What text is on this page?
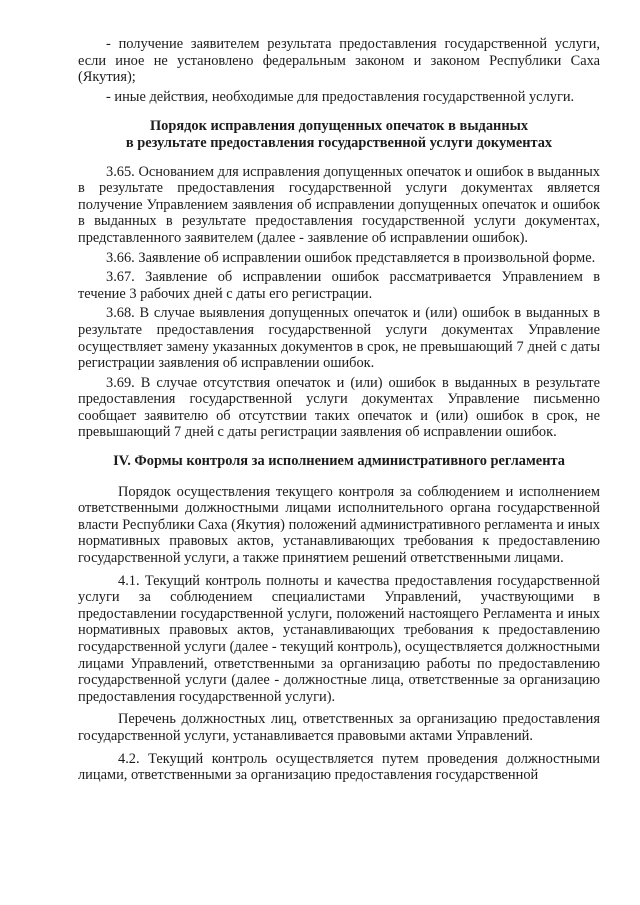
- получение заявителем результата предоставления государственной услуги, если иное не установлено федеральным законом и законом Республики Саха (Якутия);

- иные действия, необходимые для предоставления государственной услуги.

Порядок исправления допущенных опечаток в выданных
в результате предоставления государственной услуги документах

3.65. Основанием для исправления допущенных опечаток и ошибок в выданных в результате предоставления государственной услуги документах является получение Управлением заявления об исправлении допущенных опечаток и ошибок в выданных в результате предоставления государственной услуги документах, представленного заявителем (далее - заявление об исправлении ошибок).

3.66. Заявление об исправлении ошибок представляется в произвольной форме.

3.67. Заявление об исправлении ошибок рассматривается Управлением в течение 3 рабочих дней с даты его регистрации.

3.68. В случае выявления допущенных опечаток и (или) ошибок в выданных в результате предоставления государственной услуги документах Управление осуществляет замену указанных документов в срок, не превышающий 7 дней с даты регистрации заявления об исправлении ошибок.

3.69. В случае отсутствия опечаток и (или) ошибок в выданных в результате предоставления государственной услуги документах Управление письменно сообщает заявителю об отсутствии таких опечаток и (или) ошибок в срок, не превышающий 7 дней с даты регистрации заявления об исправлении ошибок.

IV. Формы контроля за исполнением административного регламента

Порядок осуществления текущего контроля за соблюдением и исполнением ответственными должностными лицами исполнительного органа государственной власти Республики Саха (Якутия) положений административного регламента и иных нормативных правовых актов, устанавливающих требования к предоставлению государственной услуги, а также принятием решений ответственными лицами.

4.1. Текущий контроль полноты и качества предоставления государственной услуги за соблюдением специалистами Управлений, участвующими в предоставлении государственной услуги, положений настоящего Регламента и иных нормативных правовых актов, устанавливающих требования к предоставлению государственной услуги (далее - текущий контроль), осуществляется должностными лицами Управлений, ответственными за организацию работы по предоставлению государственной услуги (далее - должностные лица, ответственные за организацию предоставления государственной услуги).

Перечень должностных лиц, ответственных за организацию предоставления государственной услуги, устанавливается правовыми актами Управлений.

4.2. Текущий контроль осуществляется путем проведения должностными лицами, ответственными за организацию предоставления государственной
